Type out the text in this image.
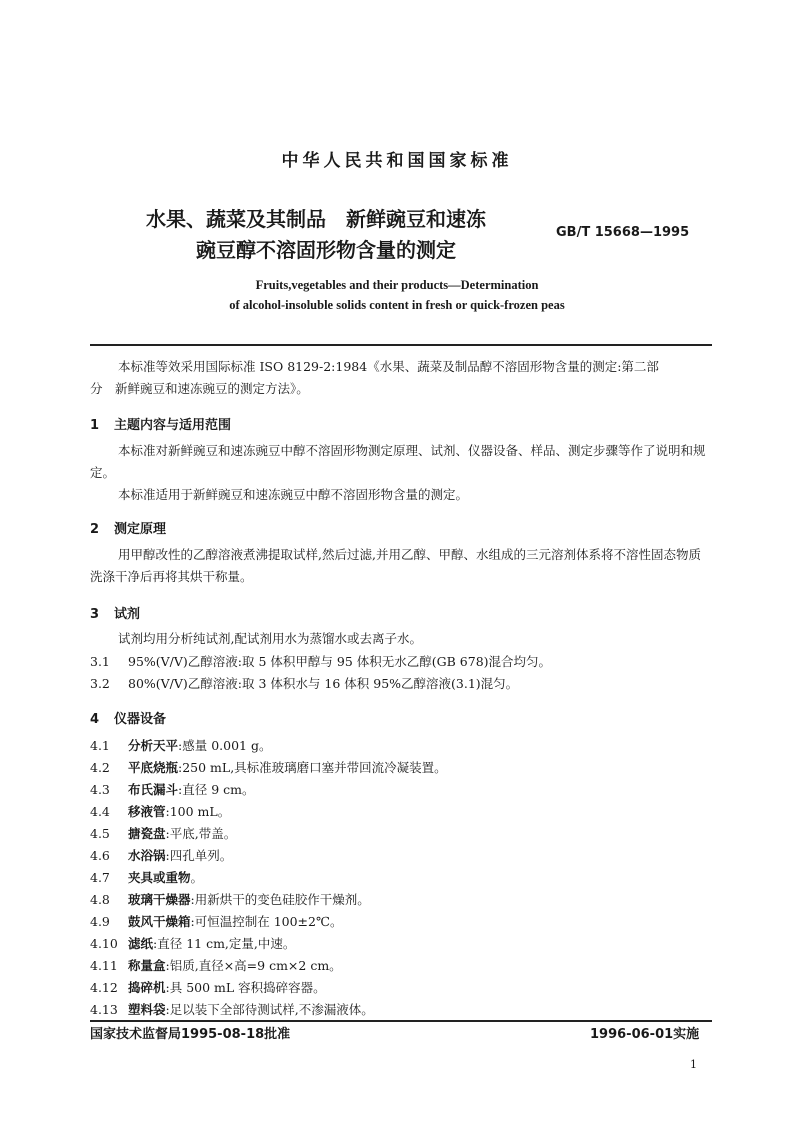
中华人民共和国国家标准
水果、蔬菜及其制品　新鲜豌豆和速冻
豌豆醇不溶固形物含量的测定
GB/T 15668—1995
Fruits,vegetables and their products—Determination
of alcohol-insoluble solids content in fresh or quick-frozen peas
本标准等效采用国际标准 ISO 8129-2:1984《水果、蔬菜及制品醇不溶固形物含量的测定:第二部
分　新鲜豌豆和速冻豌豆的测定方法》。
1 主题内容与适用范围
本标准对新鲜豌豆和速冻豌豆中醇不溶固形物测定原理、试剂、仪器设备、样品、测定步骤等作了说明和规定。
本标准适用于新鲜豌豆和速冻豌豆中醇不溶固形物含量的测定。
2 测定原理
用甲醇改性的乙醇溶液煮沸提取试样,然后过滤,并用乙醇、甲醇、水组成的三元溶剂体系将不溶性固态物质洗涤干净后再将其烘干称量。
3 试剂
试剂均用分析纯试剂,配试剂用水为蒸馏水或去离子水。
3.1 95%(V/V)乙醇溶液:取 5 体积甲醇与 95 体积无水乙醇(GB 678)混合均匀。
3.2 80%(V/V)乙醇溶液:取 3 体积水与 16 体积 95%乙醇溶液(3.1)混匀。
4 仪器设备
4.1 分析天平:感量 0.001 g。
4.2 平底烧瓶:250 mL,具标准玻璃磨口塞并带回流冷凝装置。
4.3 布氏漏斗:直径 9 cm。
4.4 移液管:100 mL。
4.5 搪瓷盘:平底,带盖。
4.6 水浴锅:四孔单列。
4.7 夹具或重物。
4.8 玻璃干燥器:用新烘干的变色硅胶作干燥剂。
4.9 鼓风干燥箱:可恒温控制在 100±2℃。
4.10 滤纸:直径 11 cm,定量,中速。
4.11 称量盒:铝质,直径×高=9 cm×2 cm。
4.12 捣碎机:具 500 mL 容积捣碎容器。
4.13 塑料袋:足以装下全部待测试样,不渗漏液体。
国家技术监督局1995-08-18批准	1996-06-01实施
1
